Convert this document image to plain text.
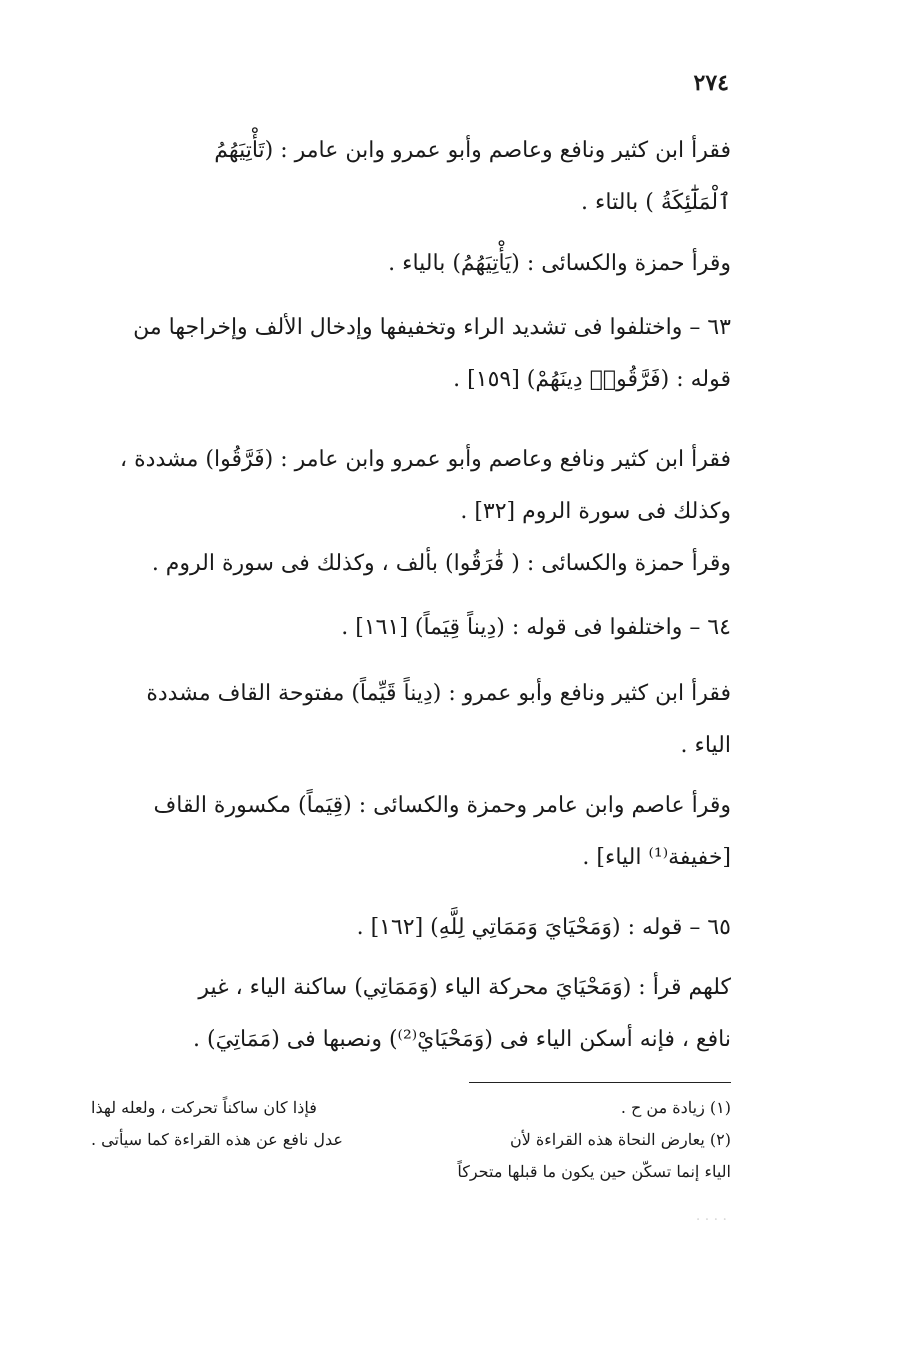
٢٧٤
فقرأ ابن كثير ونافع وعاصم وأبو عمرو وابن عامر : (تَأْتِيَهُمُ
ٱلْمَلَٰٓئِكَةُ ) بالتاء .
وقرأ حمزة والكسائى : (يَأْتِيَهُمُ) بالياء .
٦٣ – واختلفوا فى تشديد الراء وتخفيفها وإدخال الألف وإخراجها من
قوله : (فَرَّقُوا۟ دِينَهُمْ) [١٥٩] .
فقرأ ابن كثير ونافع وعاصم وأبو عمرو وابن عامر : (فَرَّقُوا) مشددة ،
وكذلك فى سورة الروم [٣٢] .
وقرأ حمزة والكسائى : ( فَٰرَقُوا) بألف ، وكذلك فى سورة الروم .
٦٤ – واختلفوا فى قوله : (دِيناً قِيَماً) [١٦١] .
فقرأ ابن كثير ونافع وأبو عمرو : (دِيناً قَيِّماً) مفتوحة القاف مشددة
الياء .
وقرأ عاصم وابن عامر وحمزة والكسائى : (قِيَماً) مكسورة القاف
[خفيفة⁽¹⁾ الياء] .
٦٥ – قوله : (وَمَحْيَايَ وَمَمَاتِي لِلَّهِ) [١٦٢] .
كلهم قرأ : (وَمَحْيَايَ محركة الياء (وَمَمَاتِي) ساكنة الياء ، غير
نافع ، فإنه أسكن الياء فى (وَمَحْيَايْ⁽²⁾) ونصبها فى (مَمَاتِيَ) .
(١) زيادة من ح .
فإذا كان ساكناً تحركت ، ولعله لهذا
(٢) يعارض النحاة هذه القراءة لأن
عدل نافع عن هذه القراءة كما سيأتى .
الياء إنما تسكّن حين يكون ما قبلها متحركاً
· · · ·
